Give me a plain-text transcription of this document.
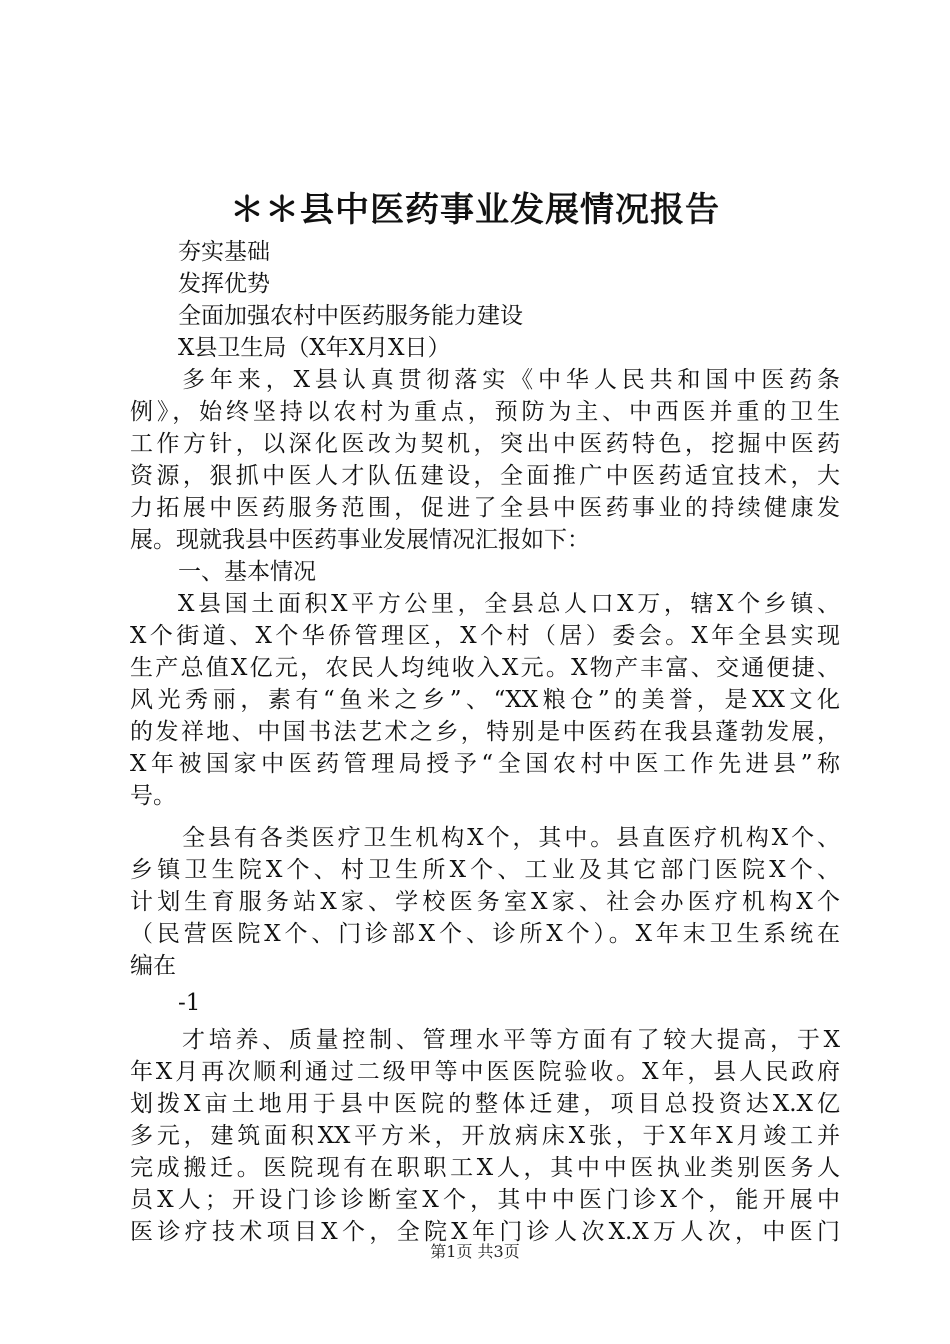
＊＊县中医药事业发展情况报告
夯实基础
发挥优势
全面加强农村中医药服务能力建设
X县卫生局（X年X月X日）
多年来，X县认真贯彻落实《中华人民共和国中医药条
例》，始终坚持以农村为重点，预防为主、中西医并重的卫生
工作方针，以深化医改为契机，突出中医药特色，挖掘中医药
资源，狠抓中医人才队伍建设，全面推广中医药适宜技术，大
力拓展中医药服务范围，促进了全县中医药事业的持续健康发
展。现就我县中医药事业发展情况汇报如下：
一、基本情况
X县国土面积X平方公里，全县总人口X万，辖X个乡镇、
X个街道、X个华侨管理区，X个村（居）委会。X年全县实现
生产总值X亿元，农民人均纯收入X元。X物产丰富、交通便捷、
风光秀丽，素有“鱼米之乡”、“XX粮仓”的美誉，是XX文化
的发祥地、中国书法艺术之乡，特别是中医药在我县蓬勃发展，
X年被国家中医药管理局授予“全国农村中医工作先进县”称
号。
全县有各类医疗卫生机构X个，其中。县直医疗机构X个、
乡镇卫生院X个、村卫生所X个、工业及其它部门医院X个、
计划生育服务站X家、学校医务室X家、社会办医疗机构X个
（民营医院X个、门诊部X个、诊所X个）。X年末卫生系统在
编在
-1
才培养、质量控制、管理水平等方面有了较大提高，于X
年X月再次顺利通过二级甲等中医医院验收。X年，县人民政府
划拨X亩土地用于县中医院的整体迁建，项目总投资达X.X亿
多元，建筑面积XX平方米，开放病床X张，于X年X月竣工并
完成搬迁。医院现有在职职工X人，其中中医执业类别医务人
员X人；开设门诊诊断室X个，其中中医门诊X个，能开展中
医诊疗技术项目X个，全院X年门诊人次X.X万人次，中医门
第1页 共3页
